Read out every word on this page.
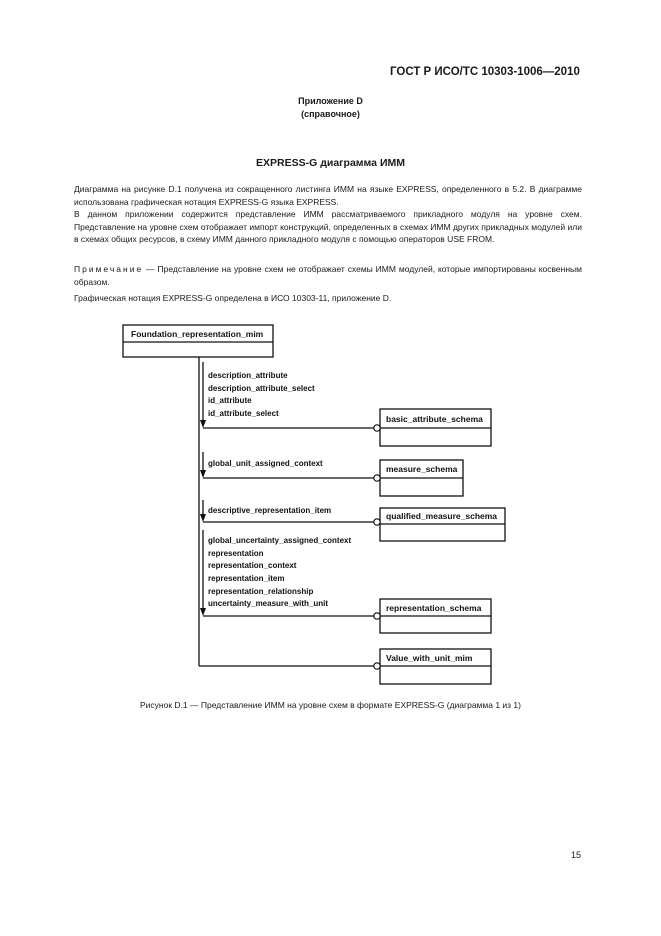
ГОСТ Р ИСО/ТС 10303-1006—2010
Приложение D
(справочное)
EXPRESS-G диаграмма ИММ

Диаграмма на рисунке D.1 получена из сокращенного листинга ИММ на языке EXPRESS, определенного в 5.2. В диаграмме использована графическая нотация EXPRESS-G языка EXPRESS.

В данном приложении содержится представление ИММ рассматриваемого прикладного модуля на уровне схем. Представление на уровне схем отображает импорт конструкций, определенных в схемах ИММ других прикладных модулей или в схемах общих ресурсов, в схему ИММ данного прикладного модуля с помощью операторов USE FROM.

Примечание — Представление на уровне схем не отображает схемы ИММ модулей, которые импортированы косвенным образом.
Графическая нотация EXPRESS-G определена в ИСО 10303-11, приложение D.
Foundation_representation_mim
basic_attribute_schema
measure_schema
qualified_measure_schema
representation_schema
Value_with_unit_mim
description_attribute
description_attribute_select
id_attribute
id_attribute_select
global_unit_assigned_context
descriptive_representation_item
global_uncertainty_assigned_context
representation
representation_context
representation_item
representation_relationship
uncertainty_measure_with_unit
Рисунок D.1 — Представление ИММ на уровне схем в формате EXPRESS-G (диаграмма 1 из 1)
15
